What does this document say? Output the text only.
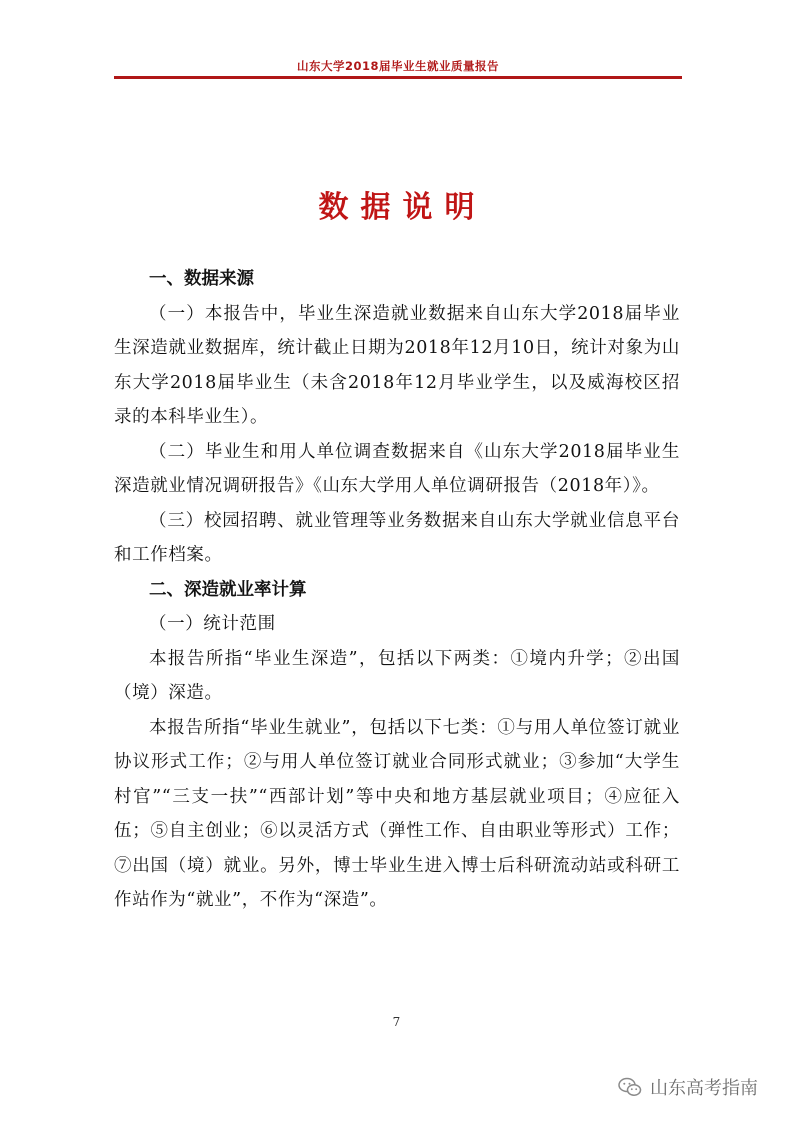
山东大学2018届毕业生就业质量报告
数据说明
一、数据来源

（一）本报告中，毕业生深造就业数据来自山东大学2018届毕业生深造就业数据库，统计截止日期为2018年12月10日，统计对象为山东大学2018届毕业生（未含2018年12月毕业学生，以及威海校区招录的本科毕业生）。

（二）毕业生和用人单位调查数据来自《山东大学2018届毕业生深造就业情况调研报告》《山东大学用人单位调研报告（2018年）》。

（三）校园招聘、就业管理等业务数据来自山东大学就业信息平台和工作档案。

二、深造就业率计算

（一）统计范围

本报告所指“毕业生深造”，包括以下两类：①境内升学；②出国（境）深造。

本报告所指“毕业生就业”，包括以下七类：①与用人单位签订就业协议形式工作；②与用人单位签订就业合同形式就业；③参加“大学生村官”“三支一扶”“西部计划”等中央和地方基层就业项目；④应征入伍；⑤自主创业；⑥以灵活方式（弹性工作、自由职业等形式）工作；⑦出国（境）就业。另外，博士毕业生进入博士后科研流动站或科研工作站作为“就业”，不作为“深造”。

7
山东高考指南
